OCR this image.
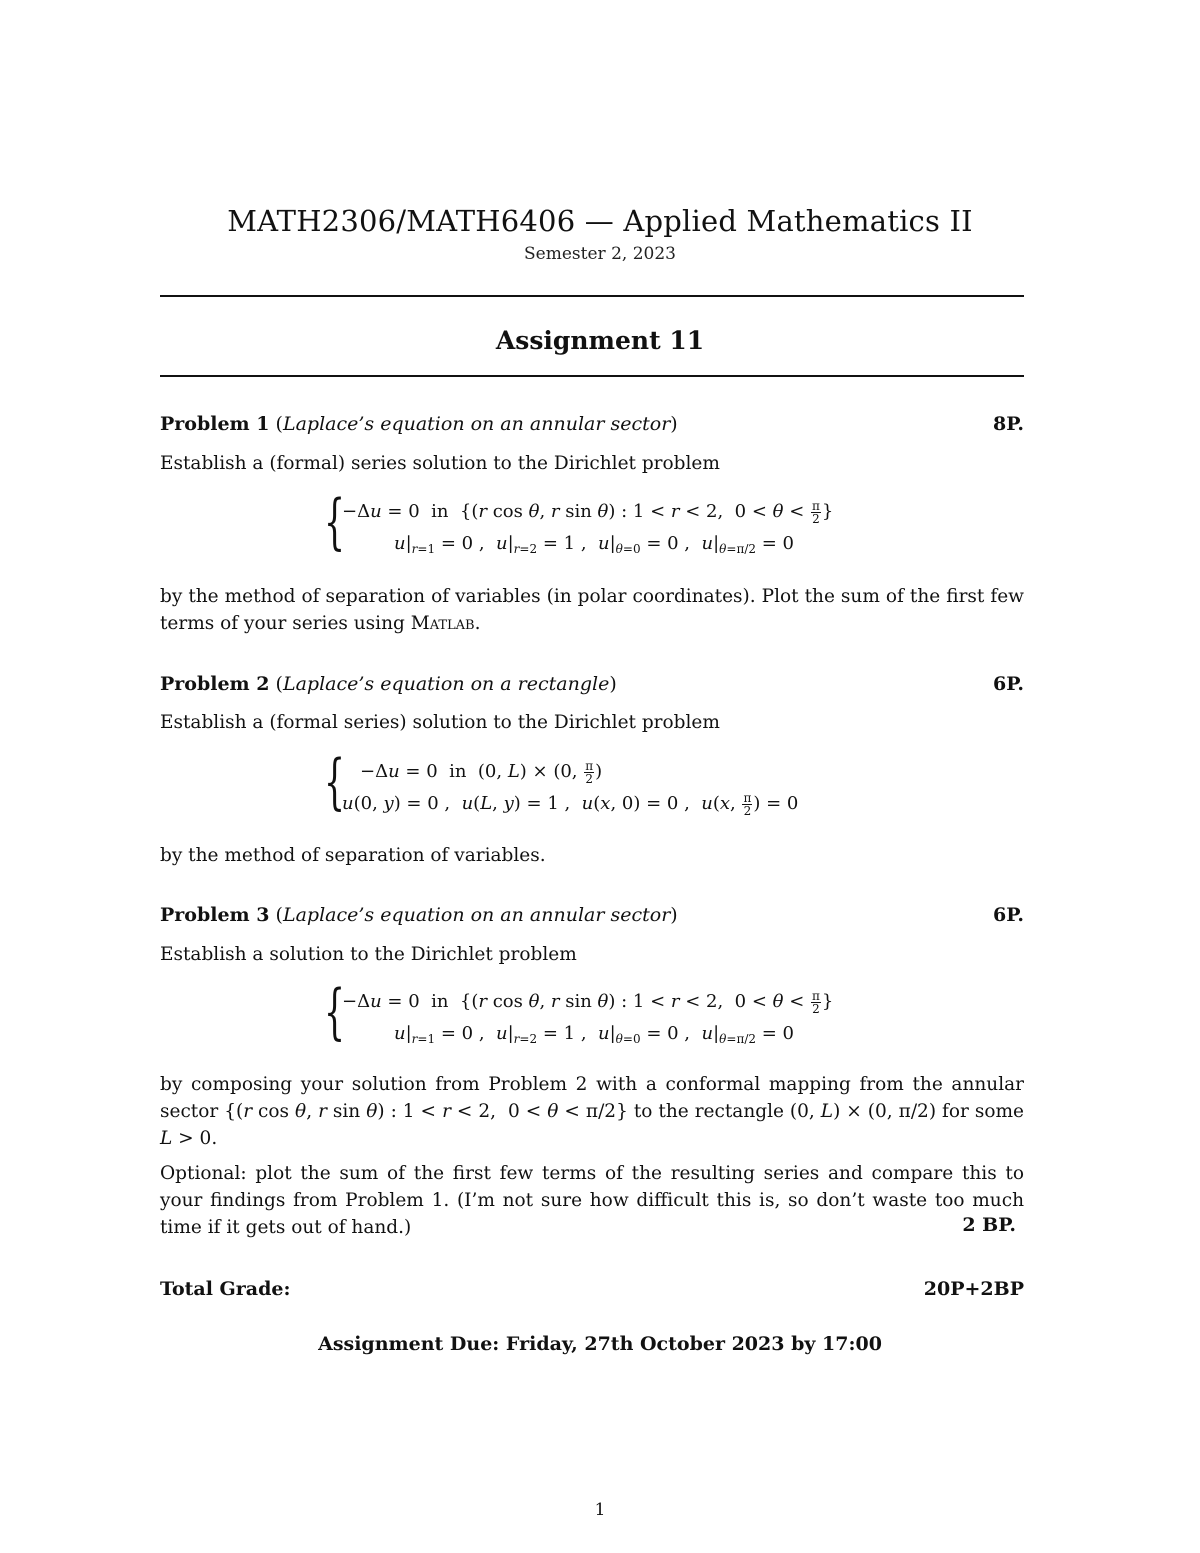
MATH2306/MATH6406 — Applied Mathematics II
Semester 2, 2023
Assignment 11
Problem 1 (Laplace’s equation on an annular sector)	8P.
Establish a (formal) series solution to the Dirichlet problem
{
−Δu = 0  in  {(r cos θ, r sin θ) : 1 < r < 2,  $0 < \theta < \frac{\pi}{2}$ }
$u|_{r=1} = 0$ ,  $u|_{r=2} = 1$ ,  $u|_{\theta=0} = 0$ ,  $u|_{\theta=\pi/2} = 0$
by the method of separation of variables (in polar coordinates). Plot the sum of the first few terms of your series using Matlab.
Problem 2 (Laplace’s equation on a rectangle)	6P.
Establish a (formal series) solution to the Dirichlet problem
{ −Δu = 0  in  (0, L) × (0, $\frac{\pi}{2}$ )
u(0, y) = 0 ,  u(L, y) = 1 ,  u(x, 0) = 0 ,  u(x, $\frac{\pi}{2}$ ) = 0
by the method of separation of variables.
Problem 3 (Laplace’s equation on an annular sector)	6P.
Establish a solution to the Dirichlet problem
{
−Δu = 0  in  {(r cos θ, r sin θ) : 1 < r < 2,  $0 < \theta < \frac{\pi}{2}$ }
$u|_{r=1} = 0$ ,  $u|_{r=2} = 1$ ,  $u|_{\theta=0} = 0$ ,  $u|_{\theta=\pi/2} = 0$
by composing your solution from Problem 2 with a conformal mapping from the annular sector {(r cos θ, r sin θ) : 1 < r < 2,  0 < θ < π/2} to the rectangle (0, L) × (0, π/2) for some L > 0.
Optional: plot the sum of the first few terms of the resulting series and compare this to your findings from Problem 1. (I’m not sure how difficult this is, so don’t waste too much time if it gets out of hand.)	2 BP.
Total Grade:	20P+2BP
Assignment Due: Friday, 27th October 2023 by 17:00
1
